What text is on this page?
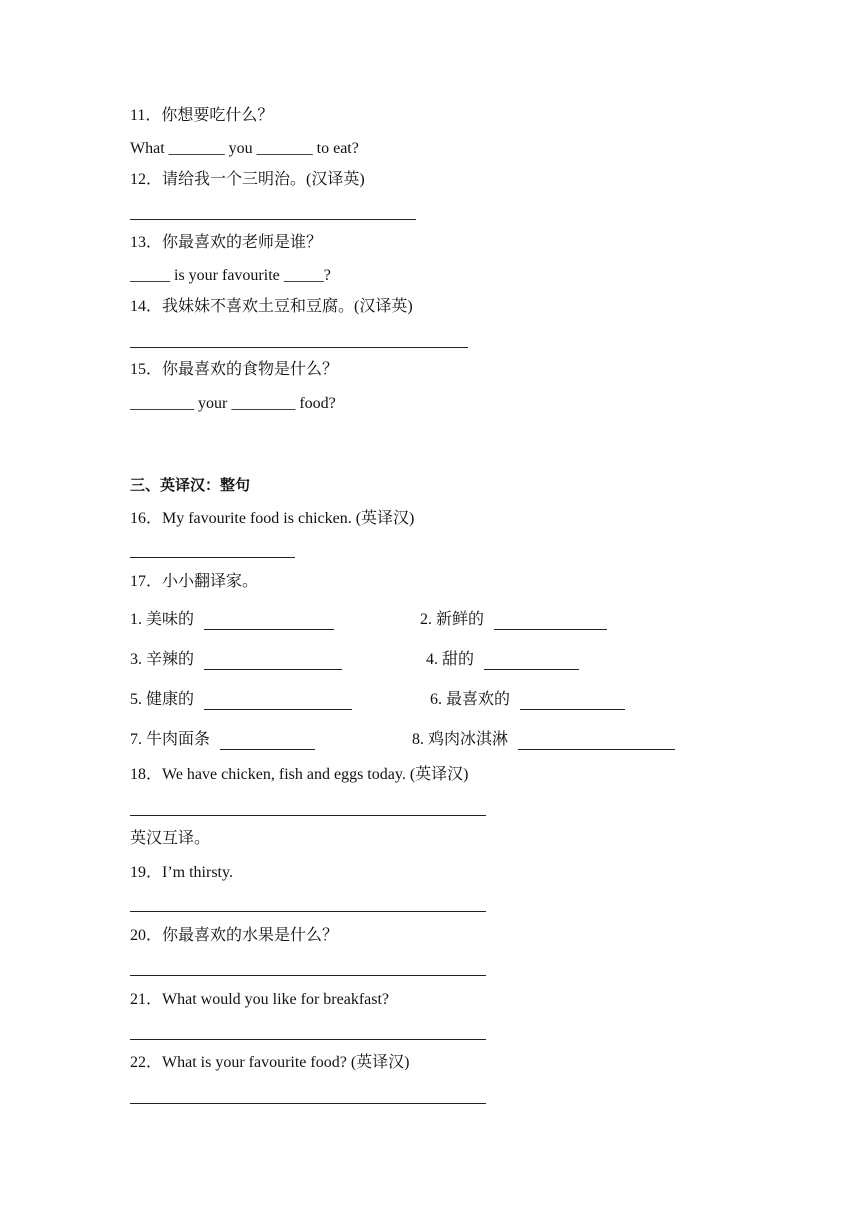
11．你想要吃什么？
What _______ you _______ to eat?
12．请给我一个三明治。(汉译英)
13．你最喜欢的老师是谁？
_____ is your favourite _____?
14．我妹妹不喜欢土豆和豆腐。(汉译英)
15．你最喜欢的食物是什么？
________ your ________ food?
三、英译汉：整句
16．My favourite food is chicken. (英译汉)
17．小小翻译家。
1. 美味的	2. 新鲜的
3. 辛辣的	4. 甜的
5. 健康的	6. 最喜欢的
7. 牛肉面条	8. 鸡肉冰淇淋
18．We have chicken, fish and eggs today. (英译汉)
英汉互译。
19．I’m thirsty.
20．你最喜欢的水果是什么？
21．What would you like for breakfast?
22．What is your favourite food? (英译汉)
